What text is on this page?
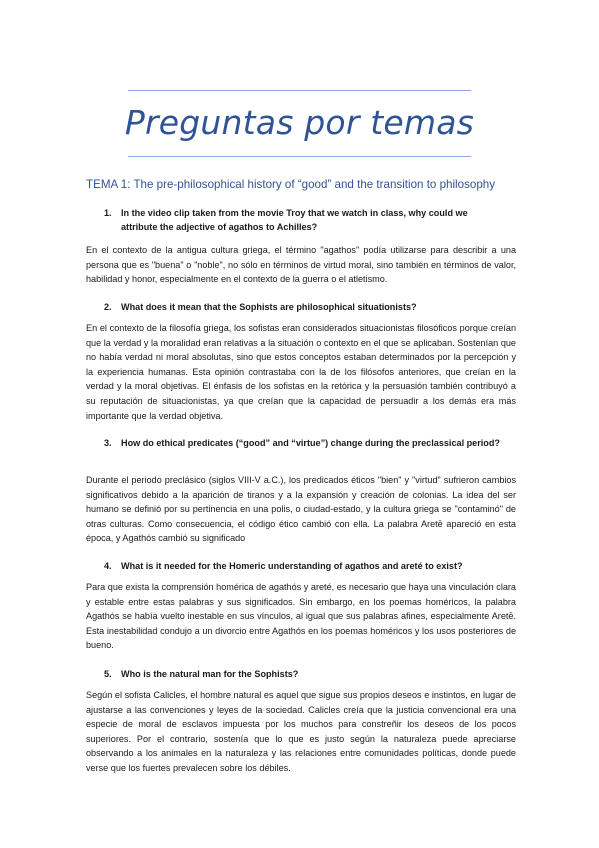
Preguntas por temas
TEMA 1: The pre-philosophical history of “good” and the transition to philosophy
1. In the video clip taken from the movie Troy that we watch in class, why could we attribute the adjective of agathos to Achilles?
En el contexto de la antigua cultura griega, el término "agathos" podía utilizarse para describir a una persona que es "buena" o "noble", no sólo en términos de virtud moral, sino también en términos de valor, habilidad y honor, especialmente en el contexto de la guerra o el atletismo.
2. What does it mean that the Sophists are philosophical situationists?
En el contexto de la filosofía griega, los sofistas eran considerados situacionistas filosóficos porque creían que la verdad y la moralidad eran relativas a la situación o contexto en el que se aplicaban. Sostenían que no había verdad ni moral absolutas, sino que estos conceptos estaban determinados por la percepción y la experiencia humanas. Esta opinión contrastaba con la de los filósofos anteriores, que creían en la verdad y la moral objetivas. El énfasis de los sofistas en la retórica y la persuasión también contribuyó a su reputación de situacionistas, ya que creían que la capacidad de persuadir a los demás era más importante que la verdad objetiva.
3. How do ethical predicates (“good” and “virtue”) change during the preclassical period?
Durante el periodo preclásico (siglos VIII-V a.C.), los predicados éticos "bien" y "virtud" sufrieron cambios significativos debido a la aparición de tiranos y a la expansión y creación de colonias. La idea del ser humano se definió por su pertinencia en una polis, o ciudad-estado, y la cultura griega se "contaminó" de otras culturas. Como consecuencia, el código ético cambió con ella. La palabra Aretē apareció en esta época, y Agathós cambió su significado
4. What is it needed for the Homeric understanding of agathos and areté to exist?
Para que exista la comprensión homérica de agathós y areté, es necesario que haya una vinculación clara y estable entre estas palabras y sus significados. Sin embargo, en los poemas homéricos, la palabra Agathós se había vuelto inestable en sus vínculos, al igual que sus palabras afines, especialmente Aretē. Esta inestabilidad condujo a un divorcio entre Agathós en los poemas homéricos y los usos posteriores de bueno.
5. Who is the natural man for the Sophists?
Según el sofista Calicles, el hombre natural es aquel que sigue sus propios deseos e instintos, en lugar de ajustarse a las convenciones y leyes de la sociedad. Calicles creía que la justicia convencional era una especie de moral de esclavos impuesta por los muchos para constreñir los deseos de los pocos superiores. Por el contrario, sostenía que lo que es justo según la naturaleza puede apreciarse observando a los animales en la naturaleza y las relaciones entre comunidades políticas, donde puede verse que los fuertes prevalecen sobre los débiles.
